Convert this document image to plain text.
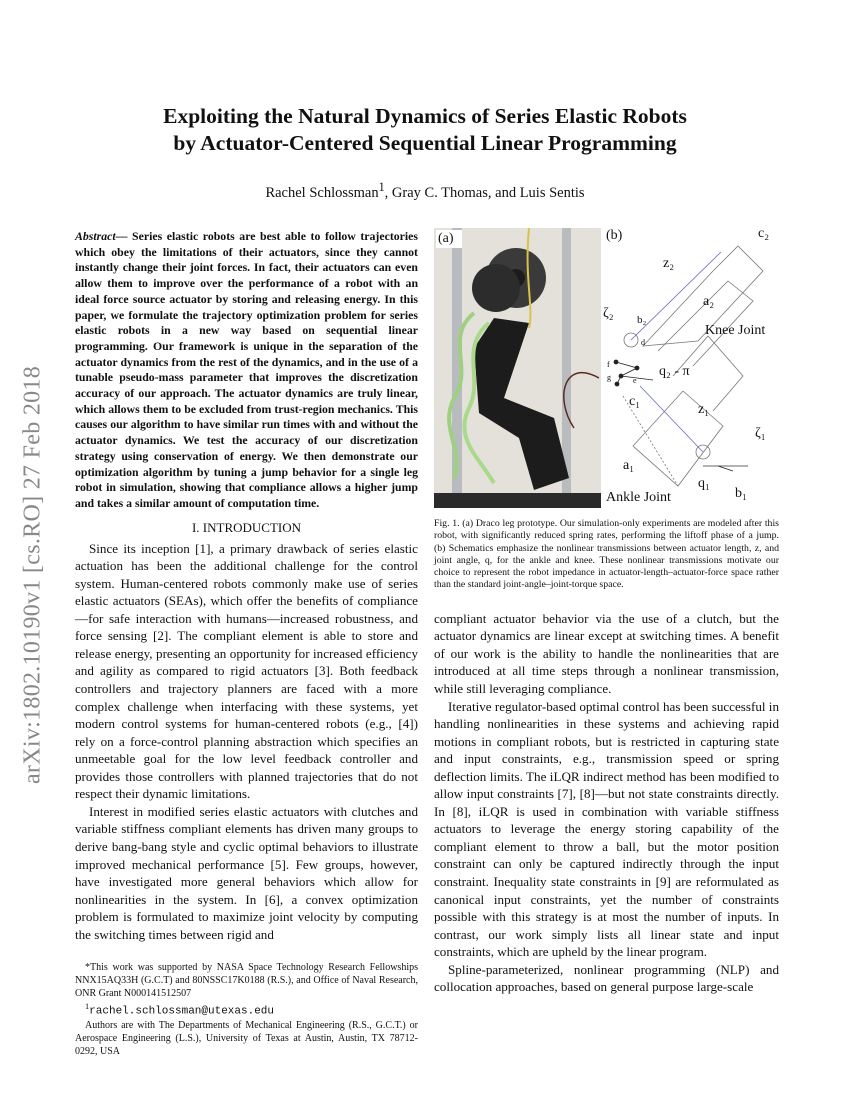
arXiv:1802.10190v1 [cs.RO] 27 Feb 2018
Exploiting the Natural Dynamics of Series Elastic Robots
by Actuator-Centered Sequential Linear Programming
Rachel Schlossman$^1$, Gray C. Thomas, and Luis Sentis
Abstract— Series elastic robots are best able to follow trajectories which obey the limitations of their actuators, since they cannot instantly change their joint forces. In fact, their actuators can even allow them to improve over the performance of a robot with an ideal force source actuator by storing and releasing energy. In this paper, we formulate the trajectory optimization problem for series elastic robots in a new way based on sequential linear programming. Our framework is unique in the separation of the actuator dynamics from the rest of the dynamics, and in the use of a tunable pseudo-mass parameter that improves the discretization accuracy of our approach. The actuator dynamics are truly linear, which allows them to be excluded from trust-region mechanics. This causes our algorithm to have similar run times with and without the actuator dynamics. We test the accuracy of our discretization strategy using conservation of energy. We then demonstrate our optimization algorithm by tuning a jump behavior for a single leg robot in simulation, showing that compliance allows a higher jump and takes a similar amount of computation time.
I. INTRODUCTION

Since its inception [1], a primary drawback of series elastic actuation has been the additional challenge for the control system. Human-centered robots commonly make use of series elastic actuators (SEAs), which offer the benefits of compliance—for safe interaction with humans—increased robustness, and force sensing [2]. The compliant element is able to store and release energy, presenting an opportunity for increased efficiency and agility as compared to rigid actuators [3]. Both feedback controllers and trajectory planners are faced with a more complex challenge when interfacing with these systems, yet modern control systems for human-centered robots (e.g., [4]) rely on a force-control planning abstraction which specifies an unmeetable goal for the low level feedback controller and provides those controllers with planned trajectories that do not respect their dynamic limitations.

Interest in modified series elastic actuators with clutches and variable stiffness compliant elements has driven many groups to derive bang-bang style and cyclic optimal behaviors to illustrate improved mechanical performance [5]. Few groups, however, have investigated more general behaviors which allow for nonlinearities in the system. In [6], a convex optimization problem is formulated to maximize joint velocity by computing the switching times between rigid and

*This work was supported by NASA Space Technology Research Fellowships NNX15AQ33H (G.C.T) and 80NSSC17K0188 (R.S.), and Office of Naval Research, ONR Grant N000141512507

$^1$rachel.schlossman@utexas.edu

Authors are with The Departments of Mechanical Engineering (R.S., G.C.T.) or Aerospace Engineering (L.S.), University of Texas at Austin, Austin, TX 78712-0292, USA

(a)	(b)	c₂
z₂
a₂
ζ₂ b₂
d
f
g	e
q₂ - π
Knee Joint
c₁
z₁
ζ₁
a₁
q₁
b₁
Ankle Joint
Fig. 1. (a) Draco leg prototype. Our simulation-only experiments are modeled after this robot, with significantly reduced spring rates, performing the liftoff phase of a jump. (b) Schematics emphasize the nonlinear transmissions between actuator length, z, and joint angle, q, for the ankle and knee. These nonlinear transmissions motivate our choice to represent the robot impedance in actuator-length–actuator-force space rather than the standard joint-angle–joint-torque space.

compliant actuator behavior via the use of a clutch, but the actuator dynamics are linear except at switching times. A benefit of our work is the ability to handle the nonlinearities that are introduced at all time steps through a nonlinear transmission, while still leveraging compliance.

Iterative regulator-based optimal control has been successful in handling nonlinearities in these systems and achieving rapid motions in compliant robots, but is restricted in capturing state and input constraints, e.g., transmission speed or spring deflection limits. The iLQR indirect method has been modified to allow input constraints [7], [8]—but not state constraints directly. In [8], iLQR is used in combination with variable stiffness actuators to leverage the energy storing capability of the compliant element to throw a ball, but the motor position constraint can only be captured indirectly through the input constraint. Inequality state constraints in [9] are reformulated as canonical input constraints, yet the number of constraints possible with this strategy is at most the number of inputs. In contrast, our work simply lists all linear state and input constraints, which are upheld by the linear program.

Spline-parameterized, nonlinear programming (NLP) and collocation approaches, based on general purpose large-scale
